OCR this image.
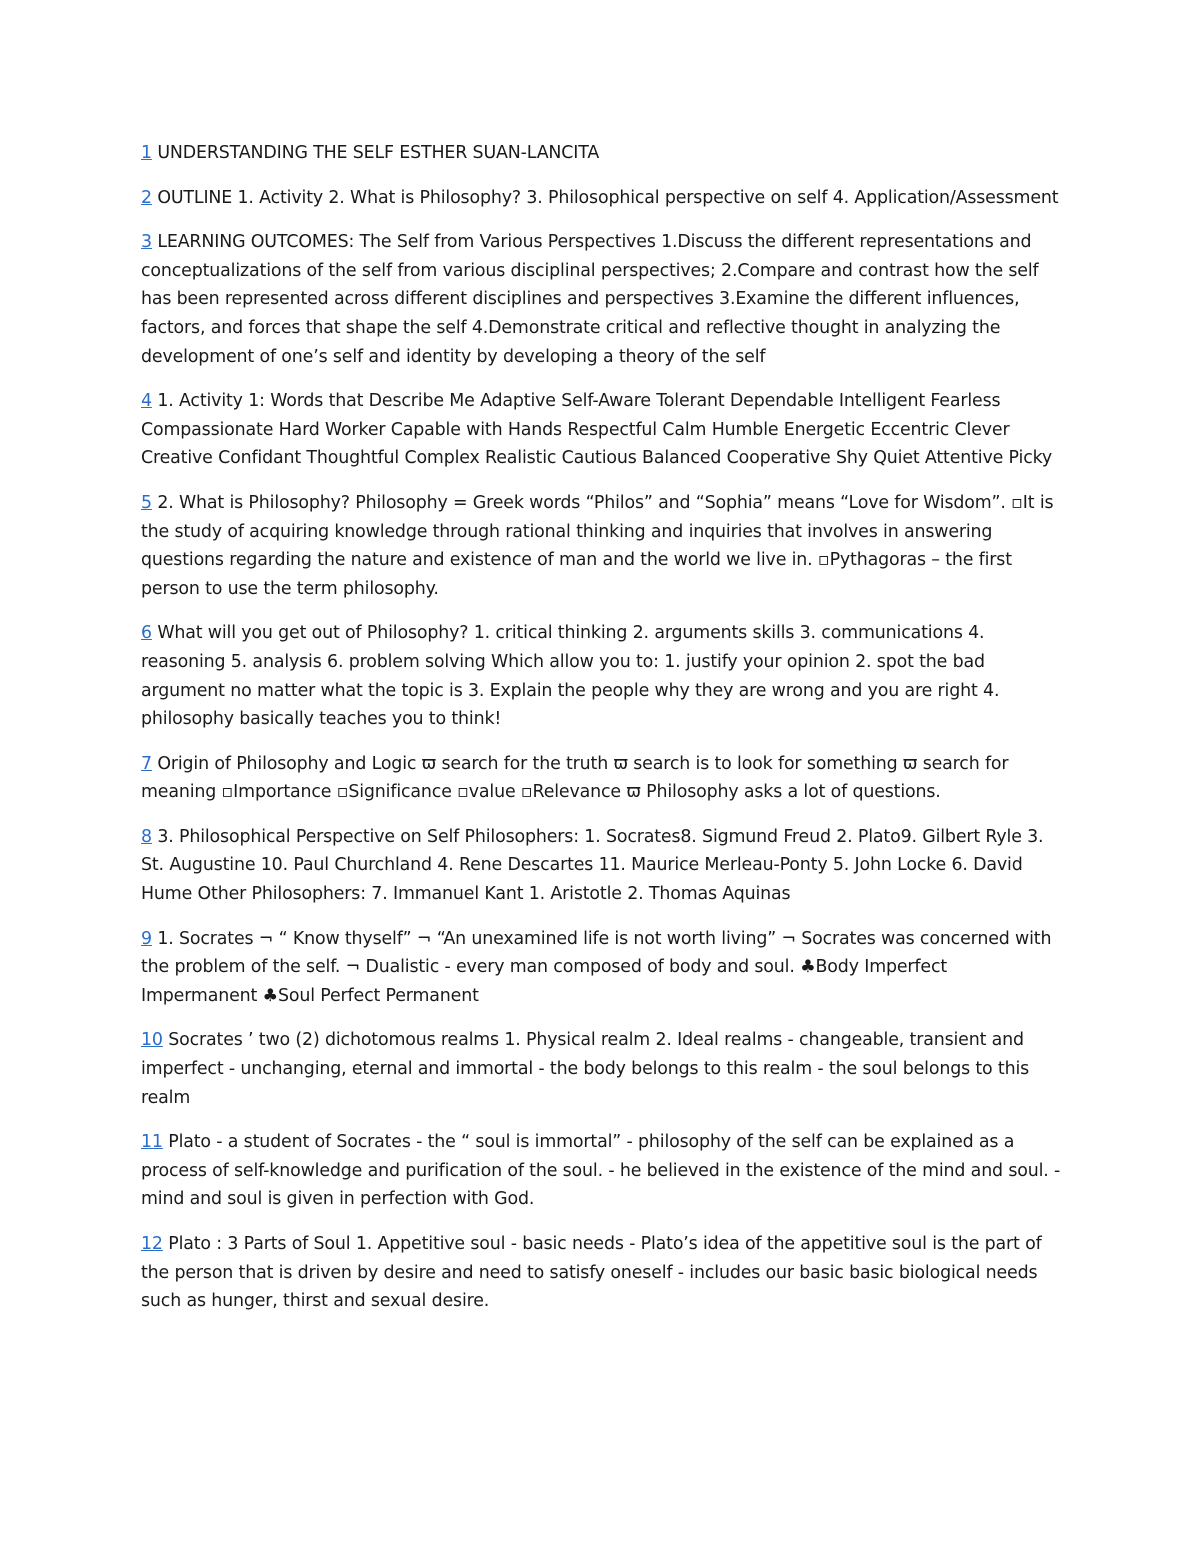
1 UNDERSTANDING THE SELF ESTHER SUAN-LANCITA

2 OUTLINE 1. Activity 2. What is Philosophy? 3. Philosophical perspective on self 4. Application/Assessment

3 LEARNING OUTCOMES: The Self from Various Perspectives 1.Discuss the different representations and conceptualizations of the self from various disciplinal perspectives; 2.Compare and contrast how the self has been represented across different disciplines and perspectives 3.Examine the different influences, factors, and forces that shape the self 4.Demonstrate critical and reflective thought in analyzing the development of one’s self and identity by developing a theory of the self

4 1. Activity 1: Words that Describe Me Adaptive Self-Aware Tolerant Dependable Intelligent Fearless Compassionate Hard Worker Capable with Hands Respectful Calm Humble Energetic Eccentric Clever Creative Confidant Thoughtful Complex Realistic Cautious Balanced Cooperative Shy Quiet Attentive Picky

5 2. What is Philosophy? Philosophy = Greek words “Philos” and “Sophia” means “Love for Wisdom”. ▫It is the study of acquiring knowledge through rational thinking and inquiries that involves in answering questions regarding the nature and existence of man and the world we live in. ▫Pythagoras – the first person to use the term philosophy.

6 What will you get out of Philosophy? 1. critical thinking 2. arguments skills 3. communications 4. reasoning 5. analysis 6. problem solving Which allow you to: 1. justify your opinion 2. spot the bad argument no matter what the topic is 3. Explain the people why they are wrong and you are right 4. philosophy basically teaches you to think!

7 Origin of Philosophy and Logic ϖ search for the truth ϖ search is to look for something ϖ search for meaning ▫Importance ▫Significance ▫value ▫Relevance ϖ Philosophy asks a lot of questions.

8 3. Philosophical Perspective on Self Philosophers: 1. Socrates8. Sigmund Freud 2. Plato9. Gilbert Ryle 3. St. Augustine 10. Paul Churchland 4. Rene Descartes 11. Maurice Merleau-Ponty 5. John Locke 6. David Hume Other Philosophers: 7. Immanuel Kant 1. Aristotle 2. Thomas Aquinas

9 1. Socrates ¬ “ Know thyself” ¬ “An unexamined life is not worth living” ¬ Socrates was concerned with the problem of the self. ¬ Dualistic - every man composed of body and soul. ♣Body Imperfect Impermanent ♣Soul Perfect Permanent

10 Socrates ’ two (2) dichotomous realms 1. Physical realm 2. Ideal realms - changeable, transient and imperfect - unchanging, eternal and immortal - the body belongs to this realm - the soul belongs to this realm

11 Plato - a student of Socrates - the “ soul is immortal” - philosophy of the self can be explained as a process of self-knowledge and purification of the soul. - he believed in the existence of the mind and soul. - mind and soul is given in perfection with God.

12 Plato : 3 Parts of Soul 1. Appetitive soul - basic needs - Plato’s idea of the appetitive soul is the part of the person that is driven by desire and need to satisfy oneself - includes our basic basic biological needs such as hunger, thirst and sexual desire.
